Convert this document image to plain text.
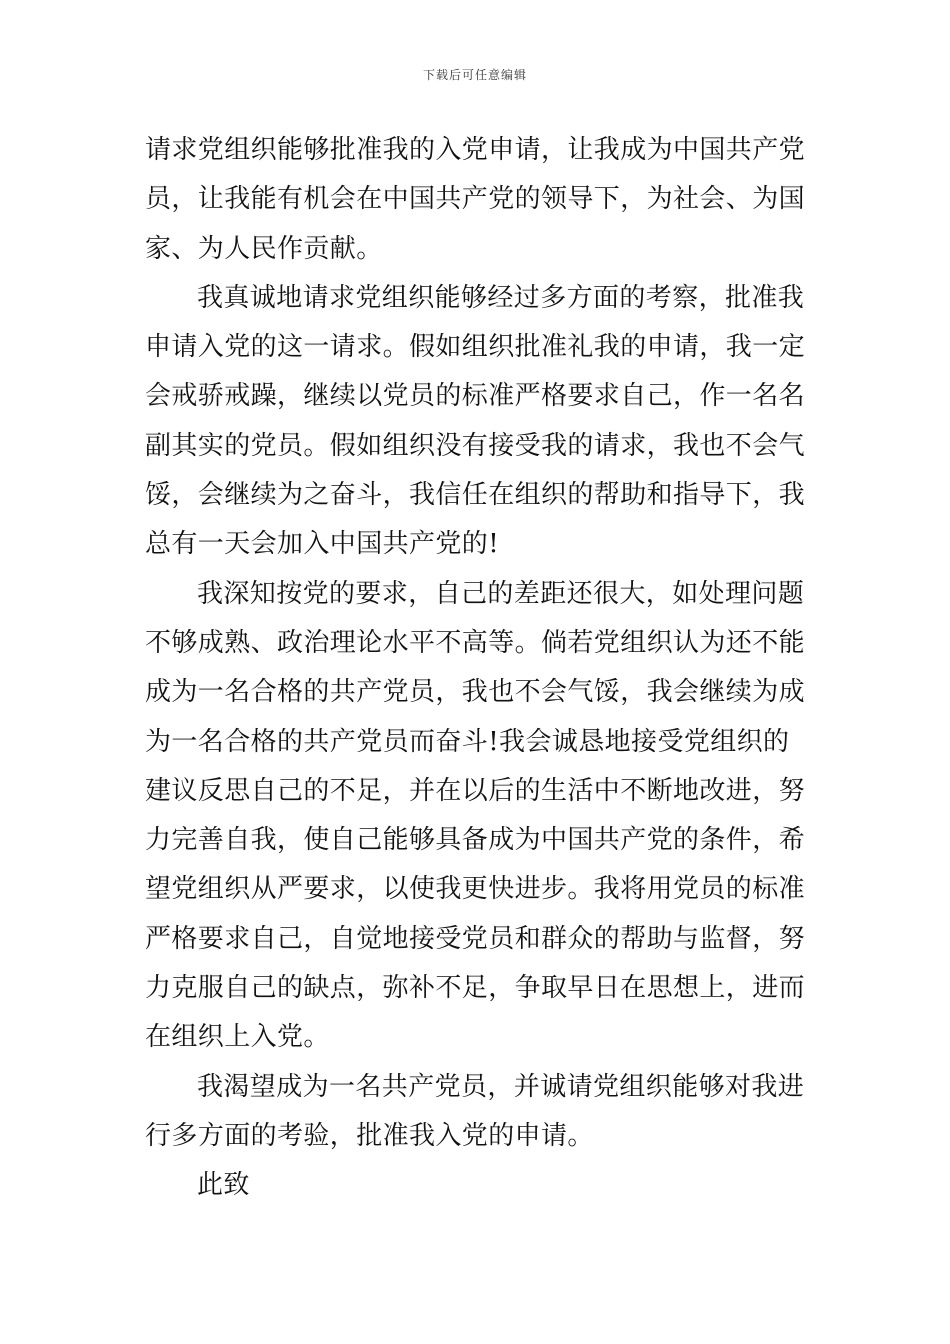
下载后可任意编辑

请求党组织能够批准我的入党申请，让我成为中国共产党员，让我能有机会在中国共产党的领导下，为社会、为国家、为人民作贡献。

我真诚地请求党组织能够经过多方面的考察，批准我申请入党的这一请求。假如组织批准礼我的申请，我一定会戒骄戒躁，继续以党员的标准严格要求自己，作一名名副其实的党员。假如组织没有接受我的请求，我也不会气馁，会继续为之奋斗，我信任在组织的帮助和指导下，我总有一天会加入中国共产党的!

我深知按党的要求，自己的差距还很大，如处理问题不够成熟、政治理论水平不高等。倘若党组织认为还不能成为一名合格的共产党员，我也不会气馁，我会继续为成为一名合格的共产党员而奋斗!我会诚恳地接受党组织的建议反思自己的不足，并在以后的生活中不断地改进，努力完善自我，使自己能够具备成为中国共产党的条件，希望党组织从严要求，以使我更快进步。我将用党员的标准严格要求自己，自觉地接受党员和群众的帮助与监督，努力克服自己的缺点，弥补不足，争取早日在思想上，进而在组织上入党。

我渴望成为一名共产党员，并诚请党组织能够对我进行多方面的考验，批准我入党的申请。

此致
